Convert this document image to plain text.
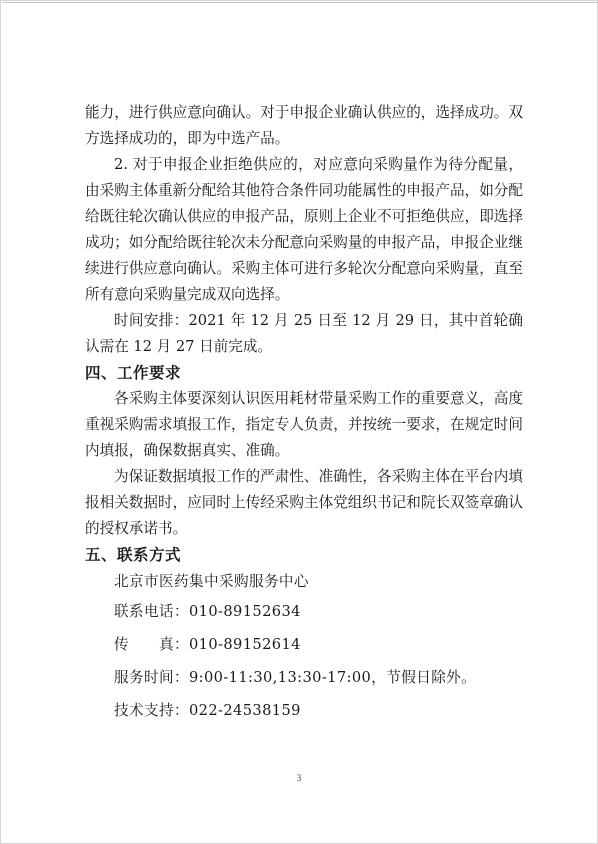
能力，进行供应意向确认。对于申报企业确认供应的，选择成功。双方选择成功的，即为中选产品。

2. 对于申报企业拒绝供应的，对应意向采购量作为待分配量，由采购主体重新分配给其他符合条件同功能属性的申报产品，如分配给既往轮次确认供应的申报产品，原则上企业不可拒绝供应，即选择成功；如分配给既往轮次未分配意向采购量的申报产品，申报企业继续进行供应意向确认。采购主体可进行多轮次分配意向采购量，直至所有意向采购量完成双向选择。

时间安排：2021 年 12 月 25 日至 12 月 29 日，其中首轮确认需在 12 月 27 日前完成。

四、工作要求

各采购主体要深刻认识医用耗材带量采购工作的重要意义，高度重视采购需求填报工作，指定专人负责，并按统一要求，在规定时间内填报，确保数据真实、准确。

为保证数据填报工作的严肃性、准确性，各采购主体在平台内填报相关数据时，应同时上传经采购主体党组织书记和院长双签章确认的授权承诺书。

五、联系方式

北京市医药集中采购服务中心

联系电话：010-89152634

传　　真：010-89152614

服务时间：9:00-11:30,13:30-17:00，节假日除外。

技术支持：022-24538159

3
